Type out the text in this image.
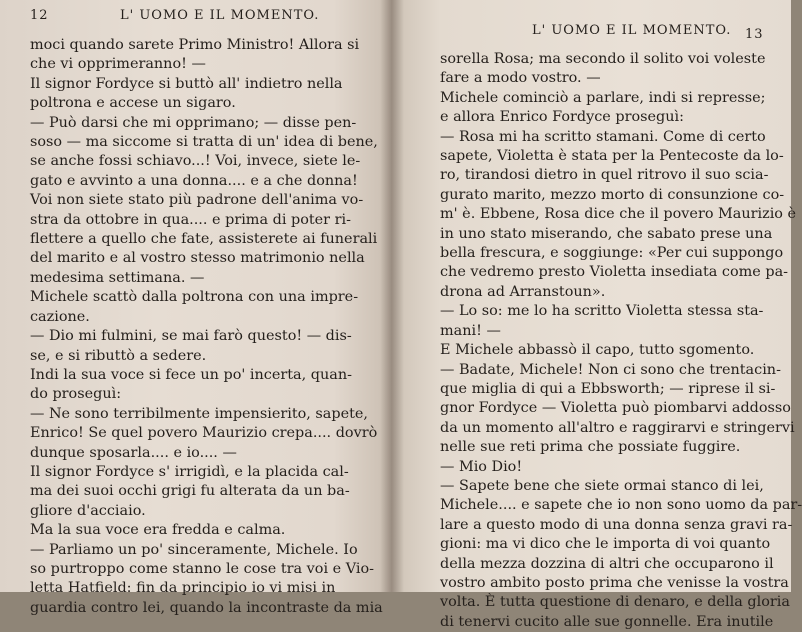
12	L' UOMO E IL MOMENTO.
moci quando sarete Primo Ministro! Allora si
che vi opprimeranno! —
Il signor Fordyce si buttò all' indietro nella
poltrona e accese un sigaro.
— Può darsi che mi opprimano; — disse pen-
soso — ma siccome si tratta di un' idea di bene,
se anche fossi schiavo...! Voi, invece, siete le-
gato e avvinto a una donna.... e a che donna!
Voi non siete stato più padrone dell'anima vo-
stra da ottobre in qua.... e prima di poter ri-
flettere a quello che fate, assisterete ai funerali
del marito e al vostro stesso matrimonio nella
medesima settimana. —
Michele scattò dalla poltrona con una impre-
cazione.
— Dio mi fulmini, se mai farò questo! — dis-
se, e si ributtò a sedere.
Indi la sua voce si fece un po' incerta, quan-
do proseguì:
— Ne sono terribilmente impensierito, sapete,
Enrico! Se quel povero Maurizio crepa.... dovrò
dunque sposarla.... e io.... —
Il signor Fordyce s' irrigidì, e la placida cal-
ma dei suoi occhi grigi fu alterata da un ba-
gliore d'acciaio.
Ma la sua voce era fredda e calma.
— Parliamo un po' sinceramente, Michele. Io
so purtroppo come stanno le cose tra voi e Vio-
letta Hatfield: fin da principio io vi misi in
guardia contro lei, quando la incontraste da mia
L' UOMO E IL MOMENTO. 13
sorella Rosa; ma secondo il solito voi voleste
fare a modo vostro. —
Michele cominciò a parlare, indi si represse;
e allora Enrico Fordyce proseguì:
— Rosa mi ha scritto stamani. Come di certo
sapete, Violetta è stata per la Pentecoste da lo-
ro, tirandosi dietro in quel ritrovo il suo scia-
gurato marito, mezzo morto di consunzione co-
m' è. Ebbene, Rosa dice che il povero Maurizio è
in uno stato miserando, che sabato prese una
bella frescura, e soggiunge: «Per cui suppongo
che vedremo presto Violetta insediata come pa-
drona ad Arranstoun».
— Lo so: me lo ha scritto Violetta stessa sta-
mani! —
E Michele abbassò il capo, tutto sgomento.
— Badate, Michele! Non ci sono che trentacin-
que miglia di qui a Ebbsworth; — riprese il si-
gnor Fordyce — Violetta può piombarvi addosso
da un momento all'altro e raggirarvi e stringervi
nelle sue reti prima che possiate fuggire.
— Mio Dio!
— Sapete bene che siete ormai stanco di lei,
Michele.... e sapete che io non sono uomo da par-
lare a questo modo di una donna senza gravi ra-
gioni: ma vi dico che le importa di voi quanto
della mezza dozzina di altri che occuparono il
vostro ambito posto prima che venisse la vostra
volta. È tutta questione di denaro, e della gloria
di tenervi cucito alle sue gonnelle. Era inutile
